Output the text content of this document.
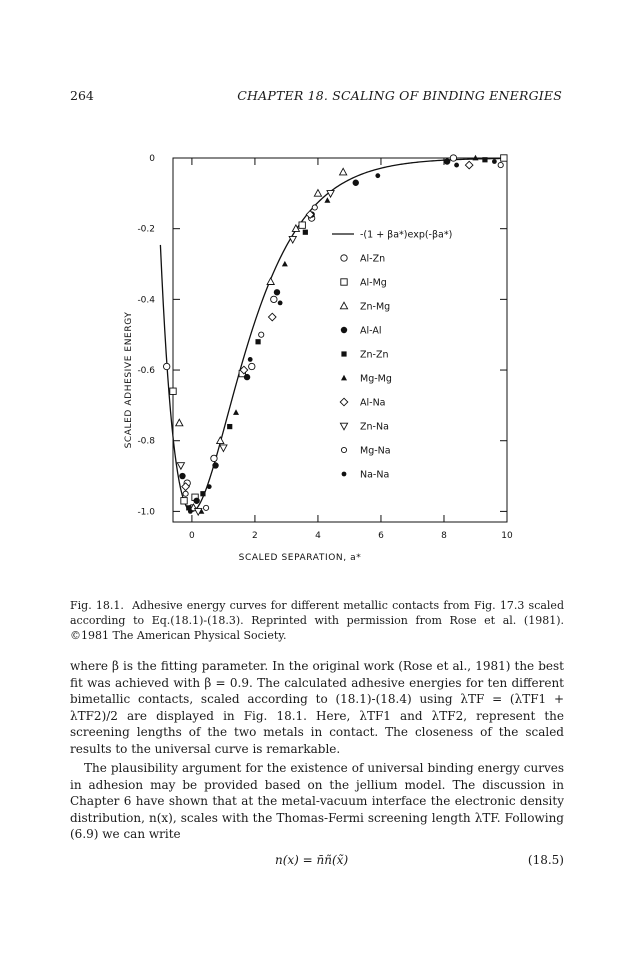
264	CHAPTER 18. SCALING OF BINDING ENERGIES
-(1 + βa*)exp(-βa*)
Al-Zn
Al-Mg
Zn-Mg
Al-Al
Zn-Zn
Mg-Mg
Al-Na
Zn-Na
Mg-Na
Na-Na
0	2	4	6	8	10
0
-0.2
-0.4
-0.6
-0.8
-1.0
SCALED SEPARATION, a*
SCALED ADHESIVE ENERGY
Fig. 18.1. Adhesive energy curves for different metallic contacts from Fig. 17.3 scaled according to Eq.(18.1)-(18.3). Reprinted with permission from Rose et al. (1981). ©1981 The American Physical Society.

where β is the fitting parameter. In the original work (Rose et al., 1981) the best fit was achieved with β = 0.9. The calculated adhesive energies for ten different bimetallic contacts, scaled according to (18.1)-(18.4) using λTF = (λTF1 + λTF2)/2 are displayed in Fig. 18.1. Here, λTF1 and λTF2, represent the screening lengths of the two metals in contact. The closeness of the scaled results to the universal curve is remarkable.

The plausibility argument for the existence of universal binding energy curves in adhesion may be provided based on the jellium model. The discussion in Chapter 6 have shown that at the metal-vacuum interface the electronic density distribution, n(x), scales with the Thomas-Fermi screening length λTF. Following (6.9) we can write

n(x) = n̄ñ(x̃)	(18.5)
